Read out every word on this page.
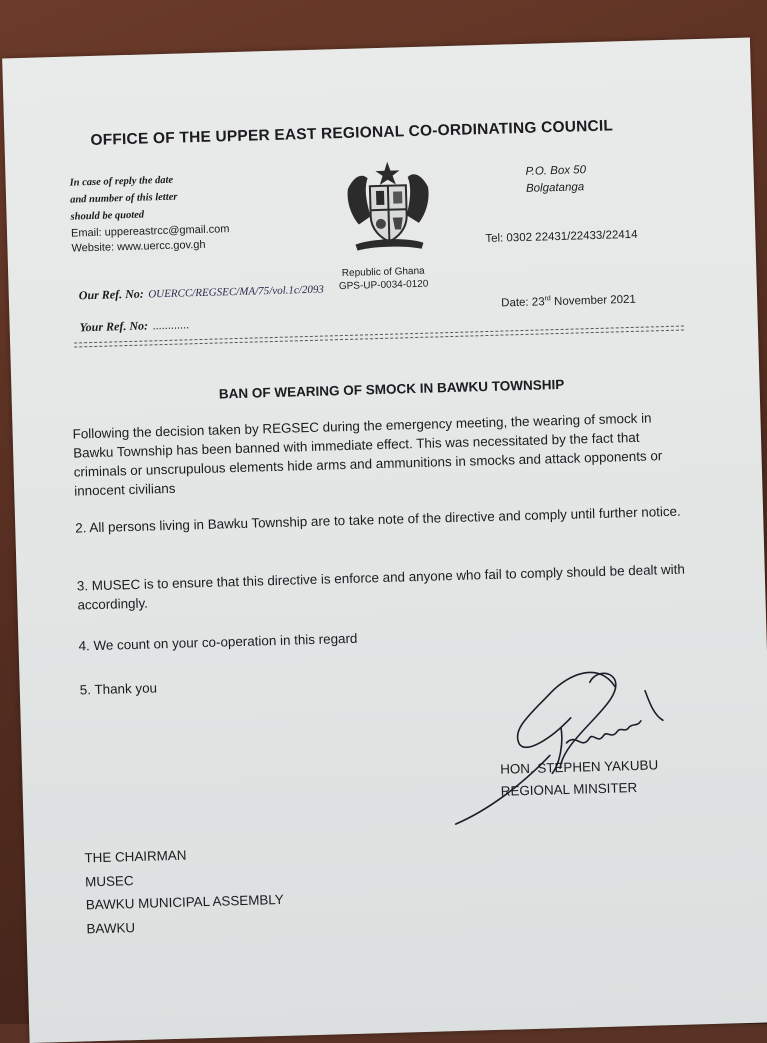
OFFICE OF THE UPPER EAST REGIONAL CO-ORDINATING COUNCIL
In case of reply the date
and number of this letter
should be quoted
Email: uppereastrcc@gmail.com
Website: www.uercc.gov.gh
Republic of Ghana
GPS-UP-0034-0120
P.O. Box 50
Bolgatanga
Tel: 0302 22431/22433/22414
Our Ref. No: OUERCC/REGSEC/MA/75/vol.1c/2093
Your Ref. No: ............
Date: 23rd November 2021
BAN OF WEARING OF SMOCK IN BAWKU TOWNSHIP
Following the decision taken by REGSEC during the emergency meeting, the wearing of smock in Bawku Township has been banned with immediate effect. This was necessitated by the fact that criminals or unscrupulous elements hide arms and ammunitions in smocks and attack opponents or innocent civilians
2. All persons living in Bawku Township are to take note of the directive and comply until further notice.
3. MUSEC is to ensure that this directive is enforce and anyone who fail to comply should be dealt with accordingly.
4. We count on your co-operation in this regard
5. Thank you
HON. STEPHEN YAKUBU
REGIONAL MINSITER
THE CHAIRMAN
MUSEC
BAWKU MUNICIPAL ASSEMBLY
BAWKU
